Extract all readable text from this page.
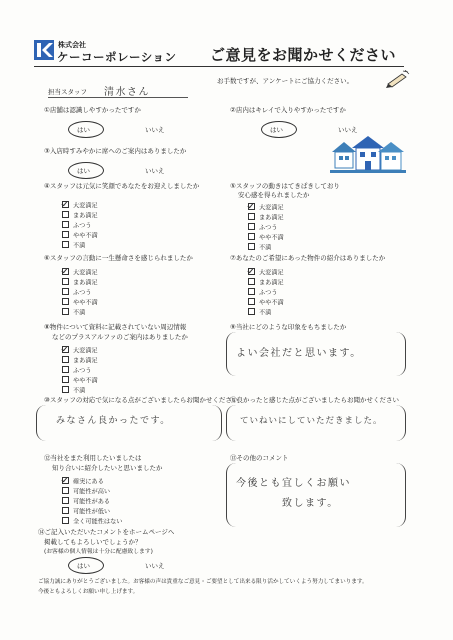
株式会社
ケーコーポレーション ご意見をお聞かせください
お手数ですが、アンケートにご協力ください。
担当スタッフ 清水さん
①店舗は認識しやすかったですか
はい	いいえ
②店内はキレイで入りやすかったですか
はい	いいえ
③入店時すみやかに席へのご案内はありましたか
はい	いいえ
④スタッフは元気に笑顔であなたをお迎えしましたか
大変満足
まあ満足
ふつう
やや不満
不満
⑤スタッフの動きはてきぱきしており
安心感を得られましたか
大変満足
まあ満足
ふつう
やや不満
不満
⑥スタッフの言動に一生懸命さを感じられましたか
大変満足
まあ満足
ふつう
やや不満
不満
⑦あなたのご希望にあった物件の紹介はありましたか
大変満足
まあ満足
ふつう
やや不満
不満
⑧物件について資料に記載されていない周辺情報
などのプラスアルファのご案内はありましたか
大変満足
まあ満足
ふつう
やや不満
不満
⑨当社にどのような印象をもちましたか
よい会社だと思います。
⑩スタッフの対応で気になる点がございましたらお聞かせください
みなさん良かったです。
⑪良かったと感じた点がございましたらお聞かせください
ていねいにしていただきました。
⑫当社をまた利用したいましたは
知り合いに紹介したいと思いましたか
確実にある
可能性が高い
可能性がある
可能性が低い
全く可能性はない
⑬その他のコメント
今後とも宜しくお願い
致します。
⑭ご記入いただいたコメントをホームページへ
掲載してもよろしいでしょうか？
(お客様の個人情報は十分に配慮致します)
はい	いいえ
ご協力誠にありがとうございました。お客様の声は貴重なご意見・ご要望として出来る限り活かしていくよう努力してまいります。
今後ともよろしくお願い申し上げます。
